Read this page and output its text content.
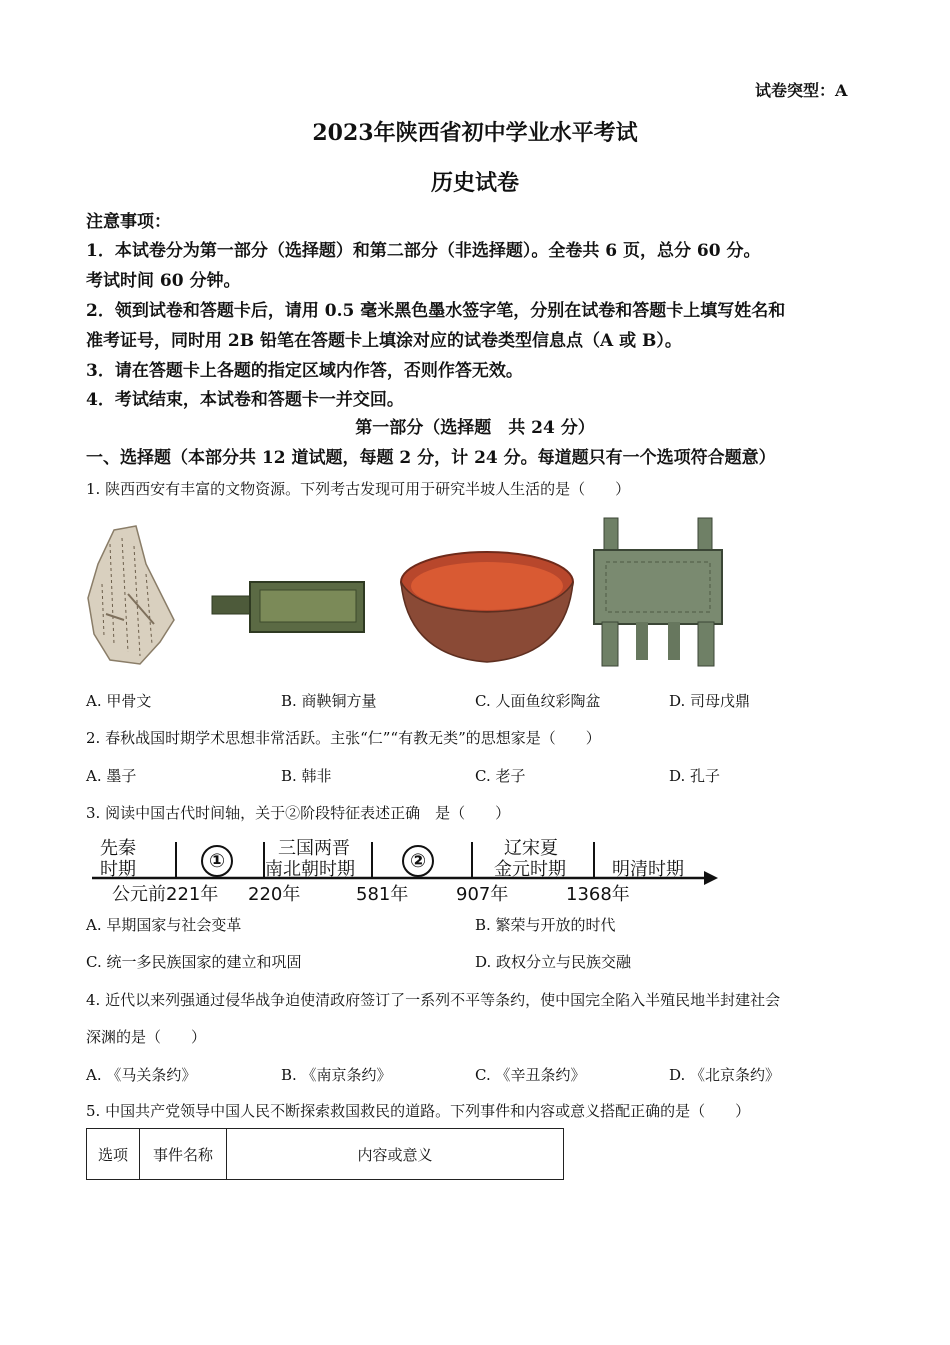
试卷突型：A
2023年陕西省初中学业水平考试
历史试卷
注意事项：
1．本试卷分为第一部分（选择题）和第二部分（非选择题）。全卷共 6 页，总分 60 分。
考试时间 60 分钟。
2．领到试卷和答题卡后，请用 0.5 毫米黑色墨水签字笔，分别在试卷和答题卡上填写姓名和
准考证号，同时用 2B 铅笔在答题卡上填涂对应的试卷类型信息点（A 或 B）。
3．请在答题卡上各题的指定区域内作答，否则作答无效。
4．考试结束，本试卷和答题卡一并交回。
第一部分（选择题　共 24 分）
一、选择题（本部分共 12 道试题，每题 2 分，计 24 分。每道题只有一个选项符合题意）
1. 陕西西安有丰富的文物资源。下列考古发现可用于研究半坡人生活的是（　　）
A. 甲骨文	B. 商鞅铜方量	C. 人面鱼纹彩陶盆	D. 司母戊鼎
2. 春秋战国时期学术思想非常活跃。主张“仁”“有教无类”的思想家是（　　）
A. 墨子	B. 韩非	C. 老子	D. 孔子
3. 阅读中国古代时间轴，关于②阶段特征表述正确　是（　　）
先秦
时期	①
三国两晋
南北朝时期	②
辽宋夏
金元时期	明清时期
公元前221年 220年	581年	907年	1368年
A. 早期国家与社会变革	B. 繁荣与开放的时代
C. 统一多民族国家的建立和巩固	D. 政权分立与民族交融
4. 近代以来列强通过侵华战争迫使清政府签订了一系列不平等条约，使中国完全陷入半殖民地半封建社会
深渊的是（　　）
A. 《马关条约》	B. 《南京条约》	C. 《辛丑条约》	D. 《北京条约》
5. 中国共产党领导中国人民不断探索救国救民的道路。下列事件和内容或意义搭配正确的是（　　）
选项	事件名称	内容或意义
